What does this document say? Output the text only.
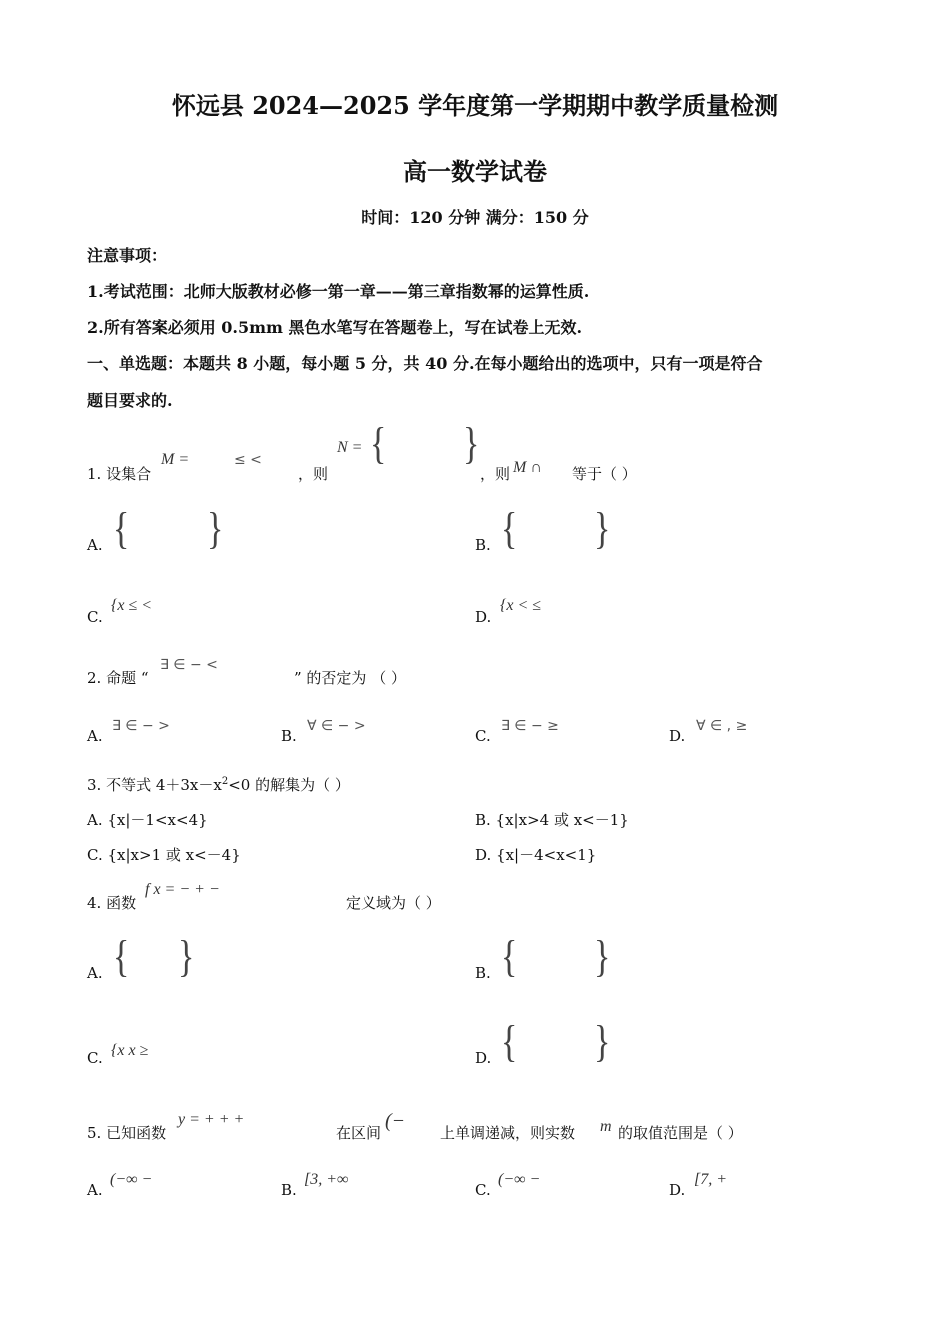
怀远县 2024—2025 学年度第一学期期中教学质量检测
高一数学试卷
时间：120 分钟 满分：150 分
注意事项：
1.考试范围：北师大版教材必修一第一章——第三章指数幂的运算性质.
2.所有答案必须用 0.5mm 黑色水笔写在答题卷上，写在试卷上无效.
一、单选题：本题共 8 小题，每小题 5 分，共 40 分.在每小题给出的选项中，只有一项是符合
题目要求的.
1. 设集合
M =	≤ <
，则
N = { }
，则 M ∩ 等于（ ）
A. { }	B. { }
C.
{x ≤ <
D.
{x < ≤
2. 命题 “
∃ ∈ − <
” 的否定为 （ ）
A.
∃ ∈ − >
B.
∀ ∈ − >
C.
∃ ∈ − ≥
D.
∀ ∈ , ≥
3. 不等式 $4+3x-x^2<0$ 的解集为（ ）
A. {x|－1<x<4}	B. {x|x>4 或 x<－1}
C. {x|x>1 或 x<－4}	D. {x|－4<x<1}
4. 函数
f x = − + −
定义域为（ ）
A. { }	B. { }
C. {x x ≥	D. { }
5. 已知函数
y = + + +
在区间
(−
上单调递减，则实数 m 的取值范围是（ ）
A.
(−∞ −
B.
[3, +∞
C.
(−∞ −
D.
[7, +
